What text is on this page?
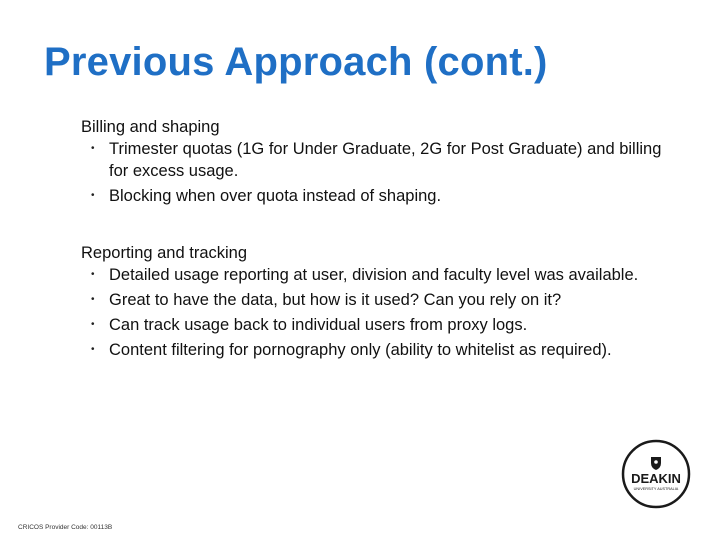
Previous Approach (cont.)

Billing and shaping

• Trimester quotas (1G for Under Graduate, 2G for Post Graduate) and billing for excess usage.
• Blocking when over quota instead of shaping.

Reporting and tracking

• Detailed usage reporting at user, division and faculty level was available.
• Great to have the data, but how is it used? Can you rely on it?
• Can track usage back to individual users from proxy logs.
• Content filtering for pornography only (ability to whitelist as required).
CRICOS Provider Code: 00113B
DEAKIN
UNIVERSITY AUSTRALIA
